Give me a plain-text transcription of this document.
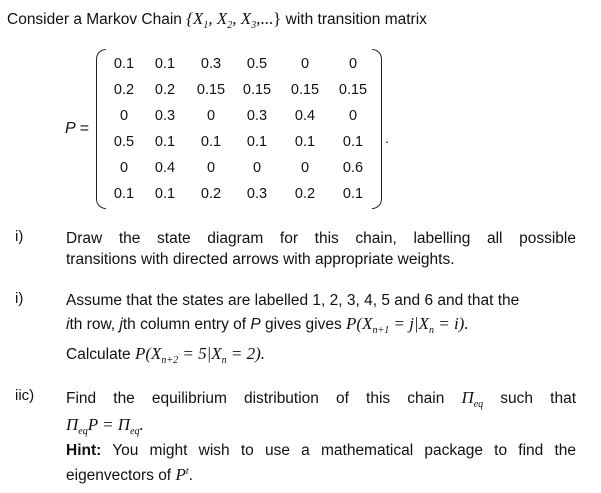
Consider a Markov Chain {$X_1$, $X_2$, $X_3$,...} with transition matrix
P =
0.1	0.1	0.3	0.5	0	0
0.2	0.2	0.15	0.15	0.15	0.15
0	0.3	0	0.3	0.4	0
0.5	0.1	0.1	0.1	0.1	0.1
0	0.4	0	0	0	0.6
0.1	0.1	0.2	0.3	0.2	0.1
.
i)	Draw the state diagram for this chain, labelling all possible
transitions with directed arrows with appropriate weights.
i)	Assume that the states are labelled 1, 2, 3, 4, 5 and 6 and that the
ith row, jth column entry of P gives gives $P(X_{n+1} = j|X_n = i)$.
Calculate $P(X_{n+2} = 5|X_n = 2)$.
iic) Find the equilibrium distribution of this chain $\Pi_{eq}$ such that
$\Pi_{eq}P = \Pi_{eq}$.
Hint: You might wish to use a mathematical package to find the
eigenvectors of $P^t$.
